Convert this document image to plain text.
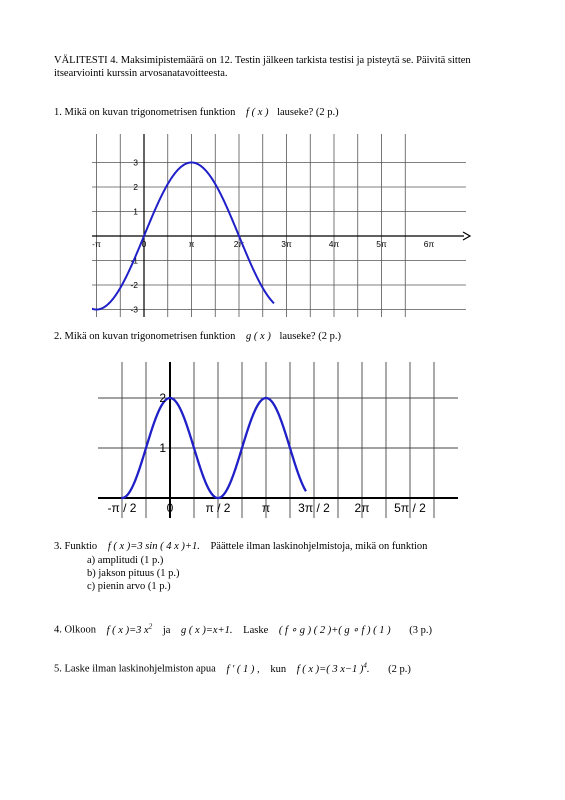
VÄLITESTI 4. Maksimipistemäärä on 12. Testin jälkeen tarkista testisi ja pisteytä se. Päivitä sitten
itsearviointi kurssin arvosanatavoitteesta.
1. Mikä on kuvan trigonometrisen funktion f ( x ) lauseke? (2 p.)
-π	0	π	2π	3π	4π	5π	6π
3
2
1
-1
-2
-3
2. Mikä on kuvan trigonometrisen funktion g ( x ) lauseke? (2 p.)
-π / 2	0	π / 2	π 3π / 2 2π 5π / 2
2
1
3. Funktio f ( x )=3 sin ( 4 x )+1. Päättele ilman laskinohjelmistoja, mikä on funktion
a) amplitudi (1 p.)
b) jakson pituus (1 p.)
c) pienin arvo (1 p.)
4. Olkoon f ( x )=3 $x^2$ ja g ( x )=x+1. Laske ( f ∘ g ) ( 2 )+( g ∘ f ) ( 1 ) (3 p.)
5. Laske ilman laskinohjelmiston apua f ′ ( 1 ) , kun f ( x )=( 3 x−1 )$^4$. (2 p.)
